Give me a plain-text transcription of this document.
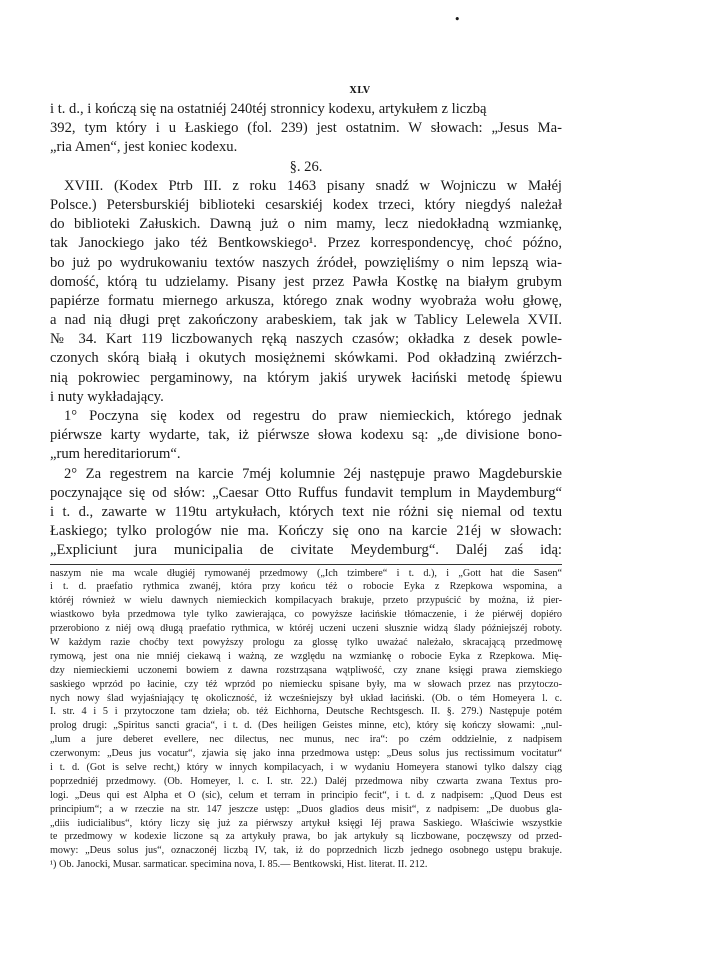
•
XLV
i t. d., i kończą się na ostatniéj 240téj stronnicy kodexu, artykułem z liczbą
392, tym który i u Łaskiego (fol. 239) jest ostatnim. W słowach: „Jesus Ma-
„ria Amen“, jest koniec kodexu.
§. 26.
XVIII. (Kodex Ptrb III. z roku 1463 pisany snadź w Wojniczu w Małéj
Polsce.) Petersburskiéj biblioteki cesarskiéj kodex trzeci, który niegdyś należał
do biblioteki Załuskich. Dawną już o nim mamy, lecz niedokładną wzmiankę,
tak Janockiego jako téż Bentkowskiego¹. Przez korrespondencyę, choć późno,
bo już po wydrukowaniu textów naszych źródeł, powzięliśmy o nim lepszą wia-
domość, którą tu udzielamy. Pisany jest przez Pawła Kostkę na białym grubym
papiérze formatu miernego arkusza, którego znak wodny wyobraża wołu głowę,
a nad nią długi pręt zakończony arabeskiem, tak jak w Tablicy Lelewela XVII.
№ 34. Kart 119 liczbowanych ręką naszych czasów; okładka z desek powle-
czonych skórą białą i okutych mosiężnemi skówkami. Pod okładziną zwiérzch-
nią pokrowiec pergaminowy, na którym jakiś urywek łaciński metodę śpiewu
i nuty wykładający.
1° Poczyna się kodex od regestru do praw niemieckich, którego jednak
piérwsze karty wydarte, tak, iż piérwsze słowa kodexu są: „de divisione bono-
„rum hereditariorum“.
2° Za regestrem na karcie 7méj kolumnie 2éj następuje prawo Magdeburskie
poczynające się od słów: „Caesar Otto Ruffus fundavit templum in Maydemburg“
i t. d., zawarte w 119tu artykułach, których text nie różni się niemal od textu
Łaskiego; tylko prologów nie ma. Kończy się ono na karcie 21éj w słowach:
„Expliciunt jura municipalia de civitate Meydemburg“. Daléj zaś idą:
naszym nie ma wcale długiéj rymowanéj przedmowy („Ich tzimbere“ i t. d.), i „Gott hat die Sasen“
i t. d. praefatio rythmica zwanéj, która przy końcu téż o robocie Eyka z Rzepkowa wspomina, a
któréj również w wielu dawnych niemieckich kompilacyach brakuje, przeto przypuścić by można, iż pier-
wiastkowo była przedmowa tyle tylko zawierająca, co powyższe łacińskie tłómaczenie, i że piérwéj dopiéro
przerobiono z niéj ową długą praefatio rythmica, w któréj uczeni uczeni słusznie widzą ślady późniejszéj roboty.
W każdym razie choćby text powyższy prologu za glossę tylko uważać należało, skracającą przedmowę
rymową, jest ona nie mniéj ciekawą i ważną, ze względu na wzmiankę o robocie Eyka z Rzepkowa. Mię-
dzy niemieckiemi uczonemi bowiem z dawna rozstrząsana wątpliwość, czy znane księgi prawa ziemskiego
saskiego wprzód po łacinie, czy téż wprzód po niemiecku spisane były, ma w słowach przez nas przytoczo-
nych nowy ślad wyjaśniający tę okoliczność, iż wcześniejszy był układ łaciński. (Ob. o tém Homeyera l. c.
I. str. 4 i 5 i przytoczone tam dzieła; ob. téż Eichhorna, Deutsche Rechtsgesch. II. §. 279.) Następuje potém
prolog drugi: „Spiritus sancti gracia“, i t. d. (Des heiligen Geistes minne, etc), który się kończy słowami: „nul-
„lum a jure deberet evellere, nec dilectus, nec munus, nec ira“: po czém oddzielnie, z nadpisem
czerwonym: „Deus jus vocatur“, zjawia się jako inna przedmowa ustęp: „Deus solus jus rectissimum vocitatur“
i t. d. (Got is selve recht,) który w innych kompilacyach, i w wydaniu Homeyera stanowi tylko dalszy ciąg
poprzedniéj przedmowy. (Ob. Homeyer, l. c. I. str. 22.) Daléj przedmowa niby czwarta zwana Textus pro-
logi. „Deus qui est Alpha et O (sic), celum et terram in principio fecit“, i t. d. z nadpisem: „Quod Deus est
principium“; a w rzeczie na str. 147 jeszcze ustęp: „Duos gladios deus misit“, z nadpisem: „De duobus gla-
„diis iudicialibus“, który liczy się już za piérwszy artykuł księgi Iéj prawa Saskiego. Właściwie wszystkie
te przedmowy w kodexie liczone są za artykuły prawa, bo jak artykuły są liczbowane, poczęwszy od przed-
mowy: „Deus solus jus“, oznaczonéj liczbą IV, tak, iż do poprzednich liczb jednego osobnego ustępu brakuje.
¹) Ob. Janocki, Musar. sarmaticar. specimina nova, I. 85.— Bentkowski, Hist. literat. II. 212.
